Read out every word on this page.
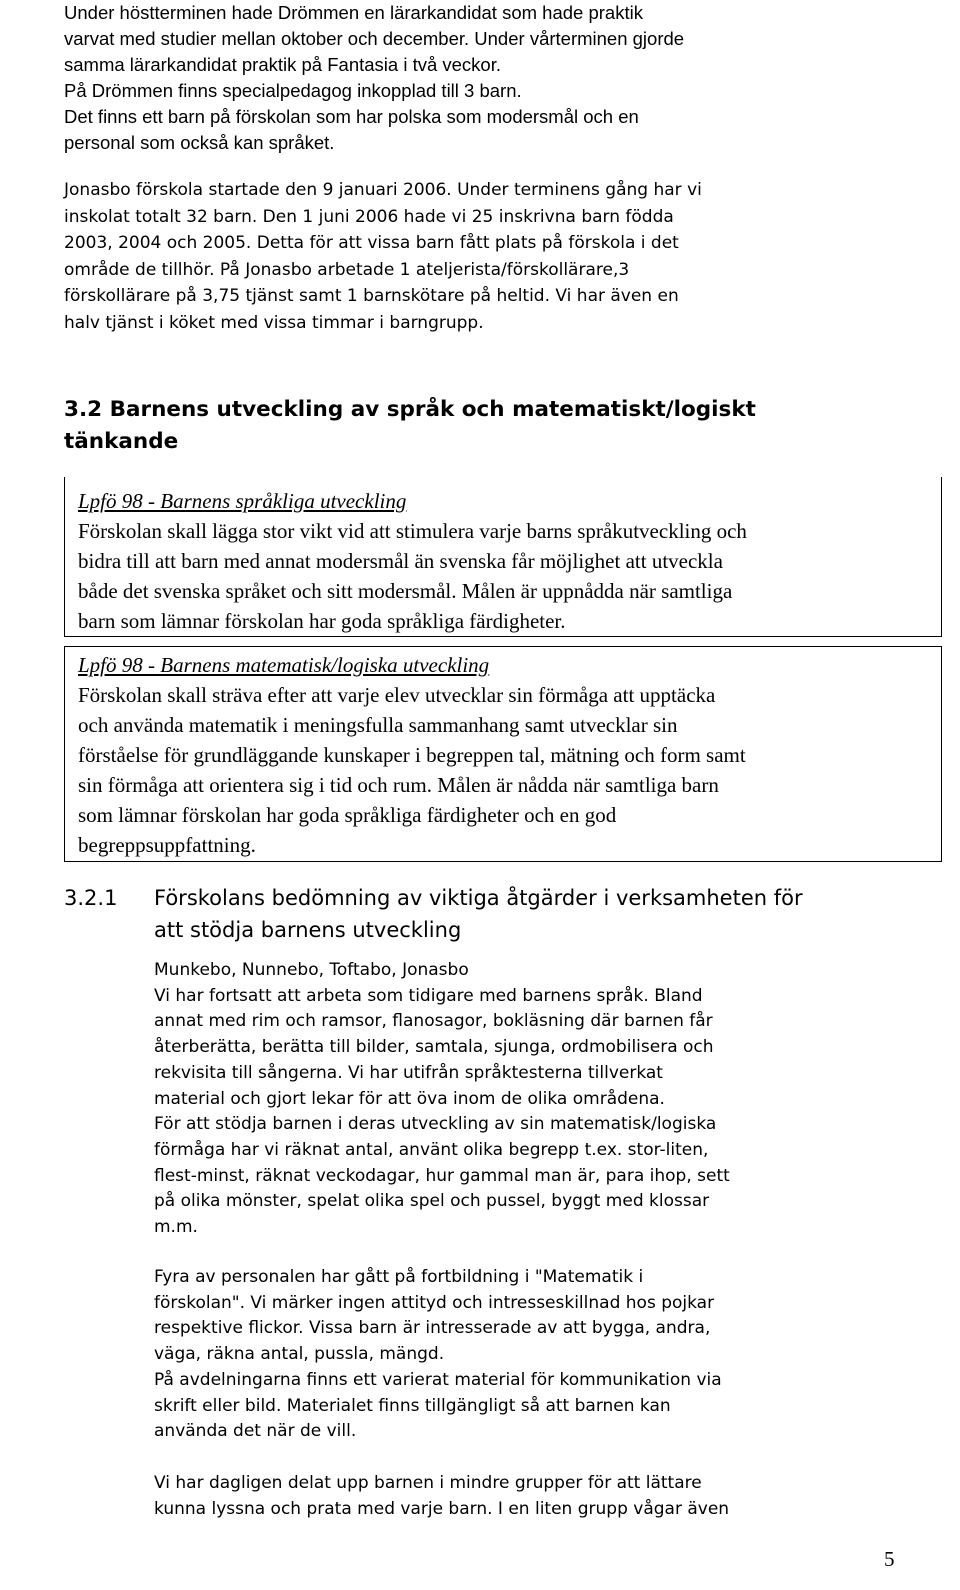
Under höstterminen hade Drömmen en lärarkandidat som hade praktik
varvat med studier mellan oktober och december. Under vårterminen gjorde
samma lärarkandidat praktik på Fantasia i två veckor.
På Drömmen finns specialpedagog inkopplad till 3 barn.
Det finns ett barn på förskolan som har polska som modersmål och en
personal som också kan språket.
Jonasbo förskola startade den 9 januari 2006. Under terminens gång har vi
inskolat totalt 32 barn. Den 1 juni 2006 hade vi 25 inskrivna barn födda
2003, 2004 och 2005. Detta för att vissa barn fått plats på förskola i det
område de tillhör. På Jonasbo arbetade 1 ateljerista/förskollärare,3
förskollärare på 3,75 tjänst samt 1 barnskötare på heltid. Vi har även en
halv tjänst i köket med vissa timmar i barngrupp.
3.2 Barnens utveckling av språk och matematiskt/logiskt
tänkande
Lpfö 98 - Barnens språkliga utveckling
Förskolan skall lägga stor vikt vid att stimulera varje barns språkutveckling och
bidra till att barn med annat modersmål än svenska får möjlighet att utveckla
både det svenska språket och sitt modersmål. Målen är uppnådda när samtliga
barn som lämnar förskolan har goda språkliga färdigheter.
Lpfö 98 - Barnens matematisk/logiska utveckling
Förskolan skall sträva efter att varje elev utvecklar sin förmåga att upptäcka
och använda matematik i meningsfulla sammanhang samt utvecklar sin
förståelse för grundläggande kunskaper i begreppen tal, mätning och form samt
sin förmåga att orientera sig i tid och rum. Målen är nådda när samtliga barn
som lämnar förskolan har goda språkliga färdigheter och en god
begreppsuppfattning.
3.2.1 Förskolans bedömning av viktiga åtgärder i verksamheten för
att stödja barnens utveckling
Munkebo, Nunnebo, Toftabo, Jonasbo
Vi har fortsatt att arbeta som tidigare med barnens språk. Bland
annat med rim och ramsor, flanosagor, bokläsning där barnen får
återberätta, berätta till bilder, samtala, sjunga, ordmobilisera och
rekvisita till sångerna. Vi har utifrån språktesterna tillverkat
material och gjort lekar för att öva inom de olika områdena.
För att stödja barnen i deras utveckling av sin matematisk/logiska
förmåga har vi räknat antal, använt olika begrepp t.ex. stor-liten,
flest-minst, räknat veckodagar, hur gammal man är, para ihop, sett
på olika mönster, spelat olika spel och pussel, byggt med klossar
m.m.
Fyra av personalen har gått på fortbildning i "Matematik i
förskolan". Vi märker ingen attityd och intresseskillnad hos pojkar
respektive flickor. Vissa barn är intresserade av att bygga, andra,
väga, räkna antal, pussla, mängd.
På avdelningarna finns ett varierat material för kommunikation via
skrift eller bild. Materialet finns tillgängligt så att barnen kan
använda det när de vill.
Vi har dagligen delat upp barnen i mindre grupper för att lättare
kunna lyssna och prata med varje barn. I en liten grupp vågar även
5
